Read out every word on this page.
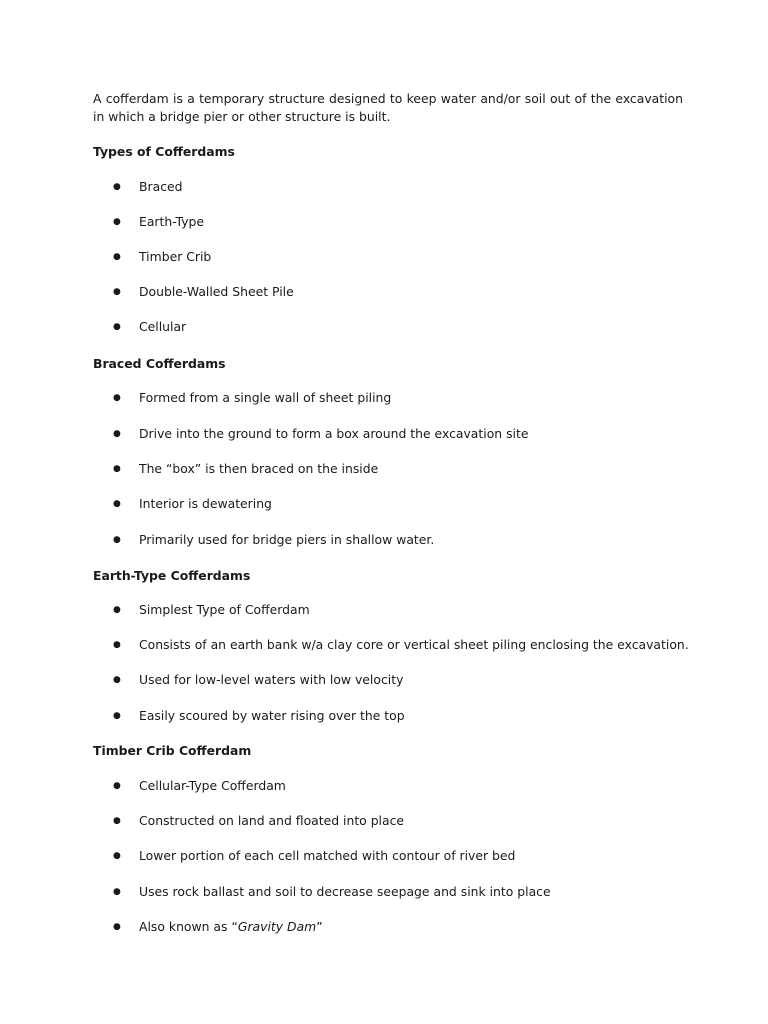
A cofferdam is a temporary structure designed to keep water and/or soil out of the excavation in which a bridge pier or other structure is built.

Types of Cofferdams
● Braced
● Earth-Type
● Timber Crib
● Double-Walled Sheet Pile
● Cellular
Braced Cofferdams
● Formed from a single wall of sheet piling
● Drive into the ground to form a box around the excavation site
● The “box” is then braced on the inside
● Interior is dewatering
● Primarily used for bridge piers in shallow water.
Earth-Type Cofferdams
● Simplest Type of Cofferdam
● Consists of an earth bank w/a clay core or vertical sheet piling enclosing the excavation.
● Used for low-level waters with low velocity
● Easily scoured by water rising over the top
Timber Crib Cofferdam
● Cellular-Type Cofferdam
● Constructed on land and floated into place
● Lower portion of each cell matched with contour of river bed
● Uses rock ballast and soil to decrease seepage and sink into place
● Also known as “Gravity Dam”
